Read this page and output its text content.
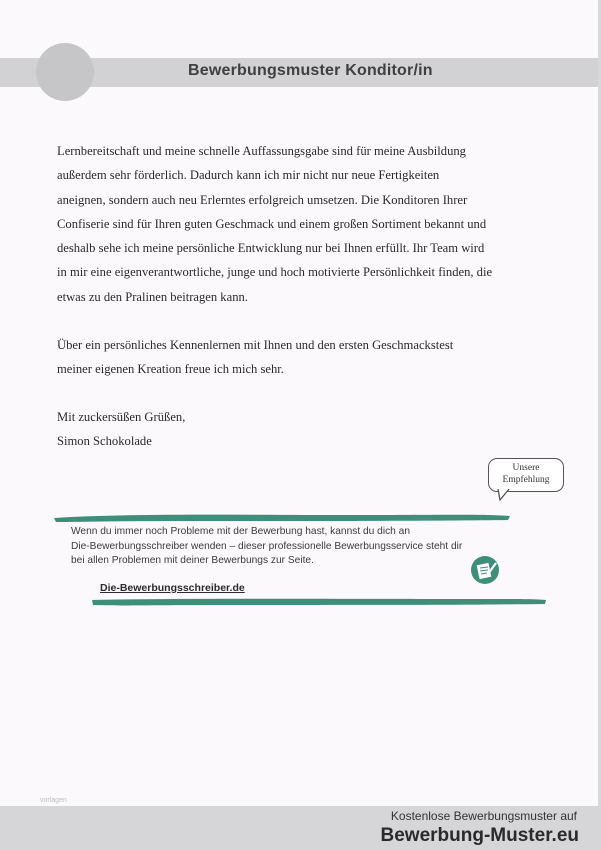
Bewerbungsmuster Konditor/in

Lernbereitschaft und meine schnelle Auffassungsgabe sind für meine Ausbildung

außerdem sehr förderlich. Dadurch kann ich mir nicht nur neue Fertigkeiten

aneignen, sondern auch neu Erlerntes erfolgreich umsetzen. Die Konditoren Ihrer

Confiserie sind für Ihren guten Geschmack und einem großen Sortiment bekannt und

deshalb sehe ich meine persönliche Entwicklung nur bei Ihnen erfüllt. Ihr Team wird

in mir eine eigenverantwortliche, junge und hoch motivierte Persönlichkeit finden, die

etwas zu den Pralinen beitragen kann.

Über ein persönliches Kennenlernen mit Ihnen und den ersten Geschmackstest

meiner eigenen Kreation freue ich mich sehr.

Mit zuckersüßen Grüßen,

Simon Schokolade

Unsere
Empfehlung
Wenn du immer noch Probleme mit der Bewerbung hast, kannst du dich an
Die-Bewerbungsschreiber wenden – dieser professionelle Bewerbungsservice steht dir
bei allen Problemen mit deiner Bewerbungs zur Seite.
Die-Bewerbungsschreiber.de
vorlagen
Kostenlose Bewerbungsmuster auf
Bewerbung-Muster.eu
